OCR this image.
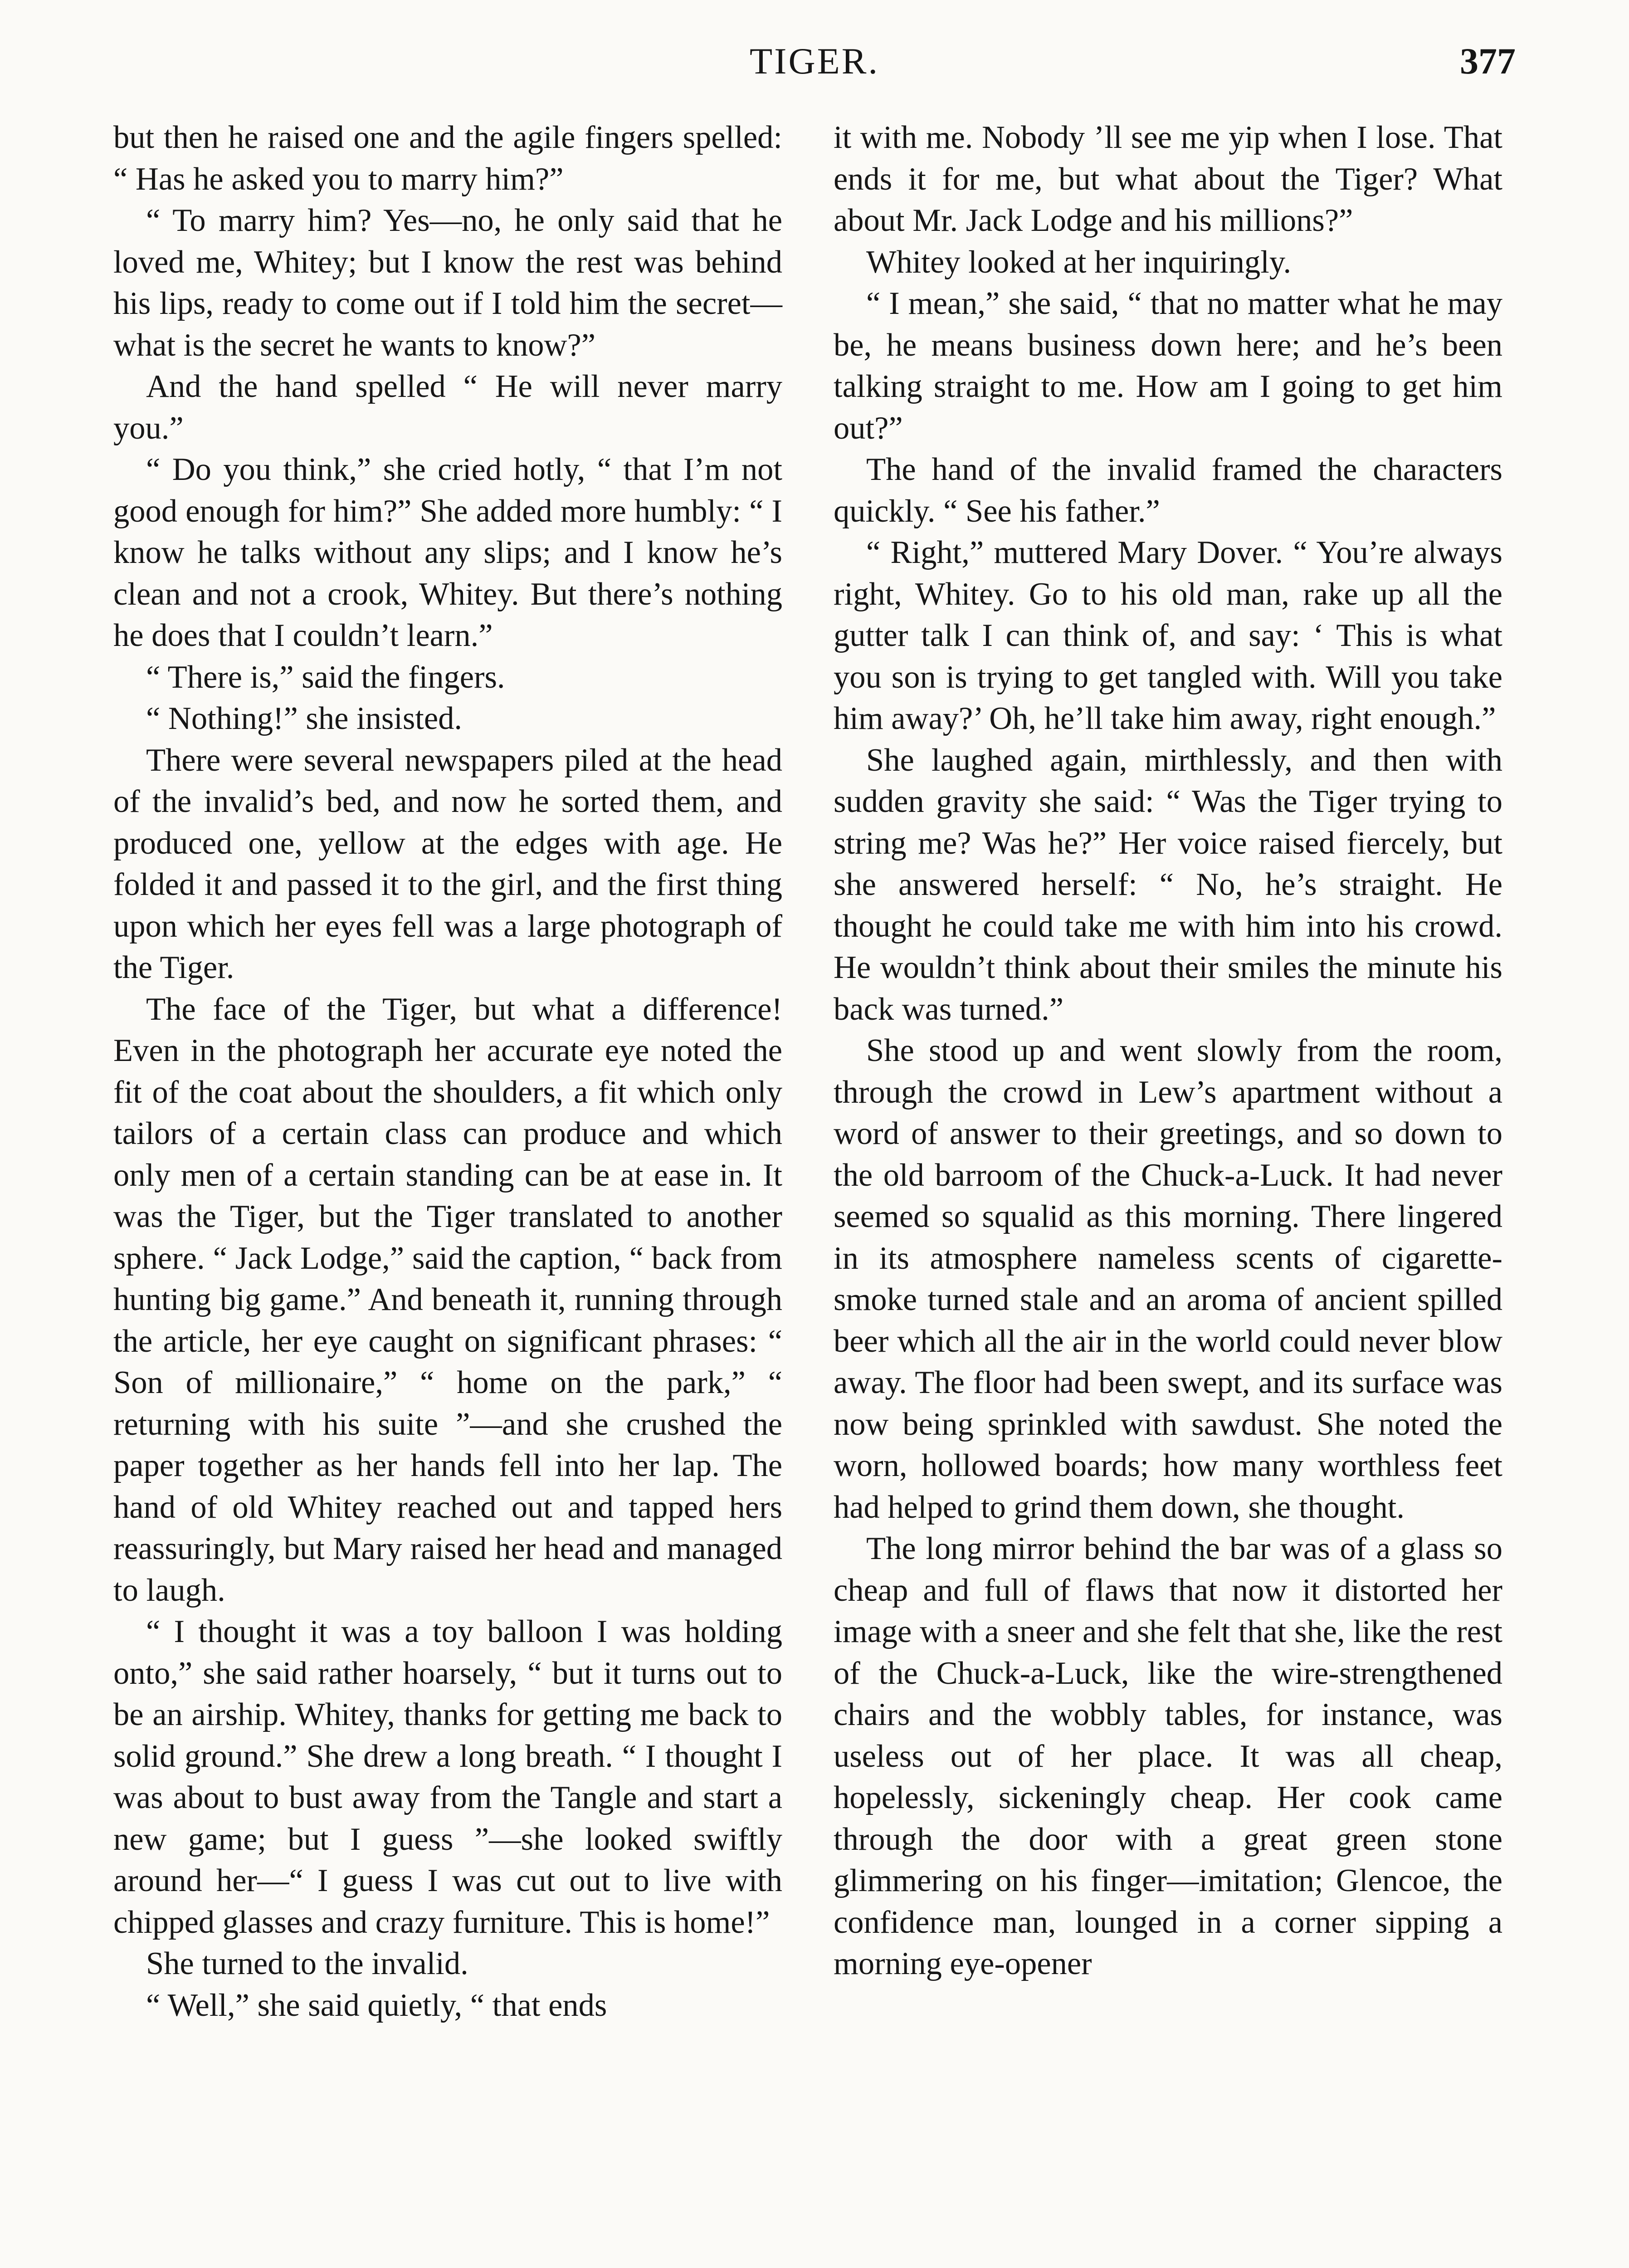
TIGER.	377

but then he raised one and the agile fingers spelled: “ Has he asked you to marry him?”

“ To marry him? Yes—no, he only said that he loved me, Whitey; but I know the rest was behind his lips, ready to come out if I told him the secret—what is the secret he wants to know?”

And the hand spelled “ He will never marry you.”

“ Do you think,” she cried hotly, “ that I’m not good enough for him?” She added more humbly: “ I know he talks without any slips; and I know he’s clean and not a crook, Whitey. But there’s nothing he does that I couldn’t learn.”

“ There is,” said the fingers.

“ Nothing!” she insisted.

There were several newspapers piled at the head of the invalid’s bed, and now he sorted them, and produced one, yellow at the edges with age. He folded it and passed it to the girl, and the first thing upon which her eyes fell was a large photograph of the Tiger.

The face of the Tiger, but what a difference! Even in the photograph her accurate eye noted the fit of the coat about the shoulders, a fit which only tailors of a certain class can produce and which only men of a certain standing can be at ease in. It was the Tiger, but the Tiger translated to another sphere. “ Jack Lodge,” said the caption, “ back from hunting big game.” And beneath it, running through the article, her eye caught on significant phrases: “ Son of millionaire,” “ home on the park,” “ returning with his suite ”—and she crushed the paper together as her hands fell into her lap. The hand of old Whitey reached out and tapped hers reassuringly, but Mary raised her head and managed to laugh.

“ I thought it was a toy balloon I was holding onto,” she said rather hoarsely, “ but it turns out to be an airship. Whitey, thanks for getting me back to solid ground.” She drew a long breath. “ I thought I was about to bust away from the Tangle and start a new game; but I guess ”—she looked swiftly around her—“ I guess I was cut out to live with chipped glasses and crazy furniture. This is home!”

She turned to the invalid.

“ Well,” she said quietly, “ that ends

it with me. Nobody ’ll see me yip when I lose. That ends it for me, but what about the Tiger? What about Mr. Jack Lodge and his millions?”

Whitey looked at her inquiringly.

“ I mean,” she said, “ that no matter what he may be, he means business down here; and he’s been talking straight to me. How am I going to get him out?”

The hand of the invalid framed the characters quickly. “ See his father.”

“ Right,” muttered Mary Dover. “ You’re always right, Whitey. Go to his old man, rake up all the gutter talk I can think of, and say: ‘ This is what you son is trying to get tangled with. Will you take him away?’ Oh, he’ll take him away, right enough.”

She laughed again, mirthlessly, and then with sudden gravity she said: “ Was the Tiger trying to string me? Was he?” Her voice raised fiercely, but she answered herself: “ No, he’s straight. He thought he could take me with him into his crowd. He wouldn’t think about their smiles the minute his back was turned.”

She stood up and went slowly from the room, through the crowd in Lew’s apartment without a word of answer to their greetings, and so down to the old barroom of the Chuck-a-Luck. It had never seemed so squalid as this morning. There lingered in its atmosphere nameless scents of cigarette-smoke turned stale and an aroma of ancient spilled beer which all the air in the world could never blow away. The floor had been swept, and its surface was now being sprinkled with sawdust. She noted the worn, hollowed boards; how many worthless feet had helped to grind them down, she thought.

The long mirror behind the bar was of a glass so cheap and full of flaws that now it distorted her image with a sneer and she felt that she, like the rest of the Chuck-a-Luck, like the wire-strengthened chairs and the wobbly tables, for instance, was useless out of her place. It was all cheap, hopelessly, sickeningly cheap. Her cook came through the door with a great green stone glimmering on his finger—imitation; Glencoe, the confidence man, lounged in a corner sipping a morning eye-opener
